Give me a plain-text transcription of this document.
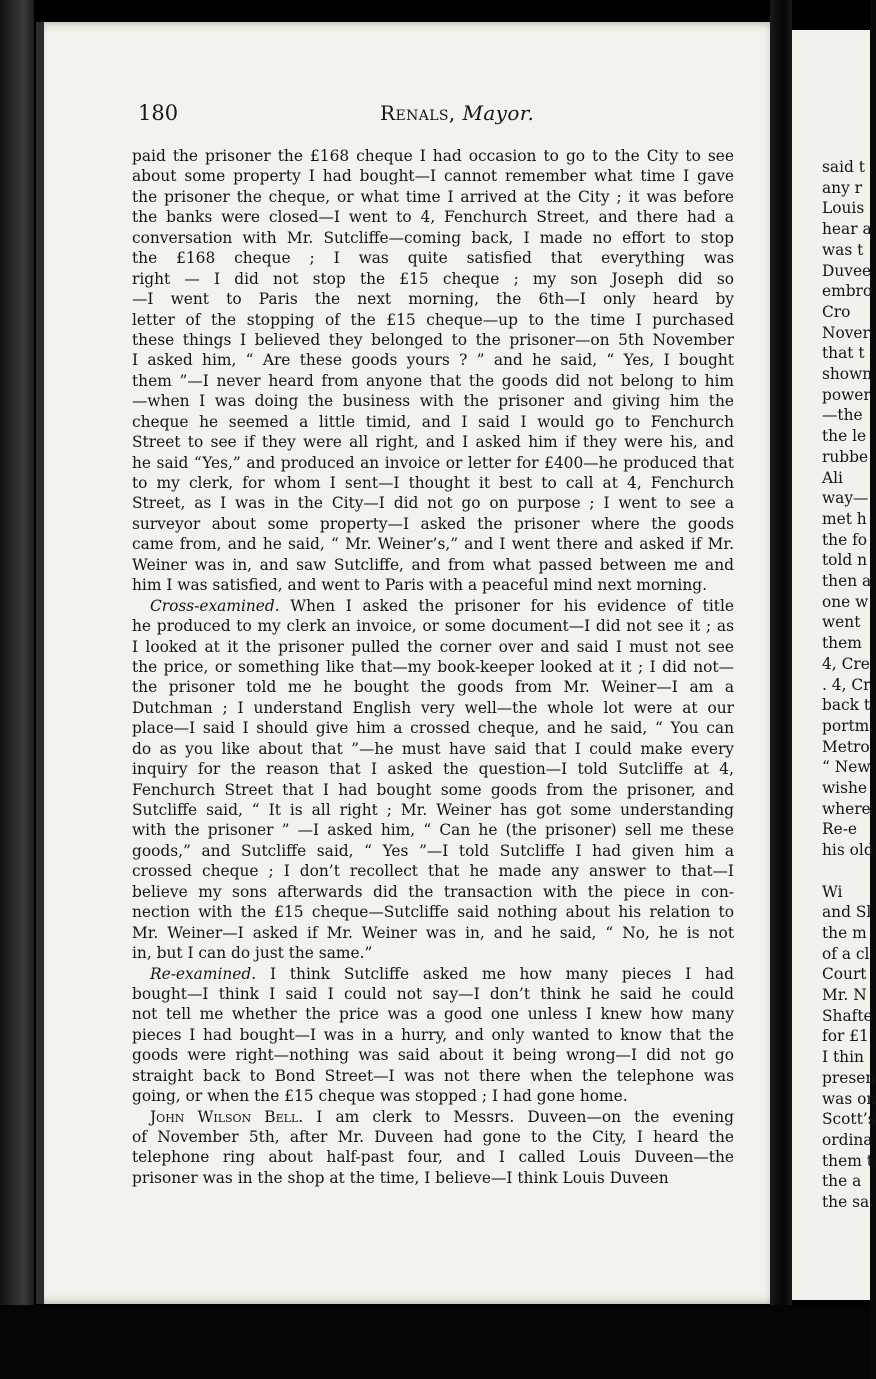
180	Renals, Mayor.
paid the prisoner the £168 cheque I had occasion to go to the City to see
about some property I had bought—I cannot remember what time I gave
the prisoner the cheque, or what time I arrived at the City ; it was before
the banks were closed—I went to 4, Fenchurch Street, and there had a
conversation with Mr. Sutcliffe—coming back, I made no effort to stop
the £168 cheque ; I was quite satisfied that everything was
right — I did not stop the £15 cheque ; my son Joseph did so
—I went to Paris the next morning, the 6th—I only heard by
letter of the stopping of the £15 cheque—up to the time I purchased
these things I believed they belonged to the prisoner—on 5th November
I asked him, “ Are these goods yours ? ” and he said, “ Yes, I bought
them ”—I never heard from anyone that the goods did not belong to him
—when I was doing the business with the prisoner and giving him the
cheque he seemed a little timid, and I said I would go to Fenchurch
Street to see if they were all right, and I asked him if they were his, and
he said “Yes,” and produced an invoice or letter for £400—he produced that
to my clerk, for whom I sent—I thought it best to call at 4, Fenchurch
Street, as I was in the City—I did not go on purpose ; I went to see a
surveyor about some property—I asked the prisoner where the goods
came from, and he said, “ Mr. Weiner’s,” and I went there and asked if Mr.
Weiner was in, and saw Sutcliffe, and from what passed between me and
him I was satisfied, and went to Paris with a peaceful mind next morning.
Cross-examined. When I asked the prisoner for his evidence of title
he produced to my clerk an invoice, or some document—I did not see it ; as
I looked at it the prisoner pulled the corner over and said I must not see
the price, or something like that—my book-keeper looked at it ; I did not—
the prisoner told me he bought the goods from Mr. Weiner—I am a
Dutchman ; I understand English very well—the whole lot were at our
place—I said I should give him a crossed cheque, and he said, “ You can
do as you like about that ”—he must have said that I could make every
inquiry for the reason that I asked the question—I told Sutcliffe at 4,
Fenchurch Street that I had bought some goods from the prisoner, and
Sutcliffe said, “ It is all right ; Mr. Weiner has got some understanding
with the prisoner ” —I asked him, “ Can he (the prisoner) sell me these
goods,” and Sutcliffe said, “ Yes ”—I told Sutcliffe I had given him a
crossed cheque ; I don’t recollect that he made any answer to that—I
believe my sons afterwards did the transaction with the piece in con-
nection with the £15 cheque—Sutcliffe said nothing about his relation to
Mr. Weiner—I asked if Mr. Weiner was in, and he said, “ No, he is not
in, but I can do just the same.”
Re-examined. I think Sutcliffe asked me how many pieces I had
bought—I think I said I could not say—I don’t think he said he could
not tell me whether the price was a good one unless I knew how many
pieces I had bought—I was in a hurry, and only wanted to know that the
goods were right—nothing was said about it being wrong—I did not go
straight back to Bond Street—I was not there when the telephone was
going, or when the £15 cheque was stopped ; I had gone home.
John Wilson Bell. I am clerk to Messrs. Duveen—on the evening
of November 5th, after Mr. Duveen had gone to the City, I heard the
telephone ring about half-past four, and I called Louis Duveen—the
prisoner was in the shop at the time, I believe—I think Louis Duveen
said t
any r
Louis
hear a
was t
Duvee
embro
Cro
Nover
that t
shown
power
—the
the le
rubbe
Ali
way—
met h
the fo
told n
then a
one w
went
them
4, Cre
. 4, Cr
back t
portm
Metro
“ New
wishe
where
Re-e
his old
Wi
and Sl
the m
of a cl
Court
Mr. N
Shafte
for £1
I thin
presen
was on
Scott’s
ordina
them t
the a
the sa
